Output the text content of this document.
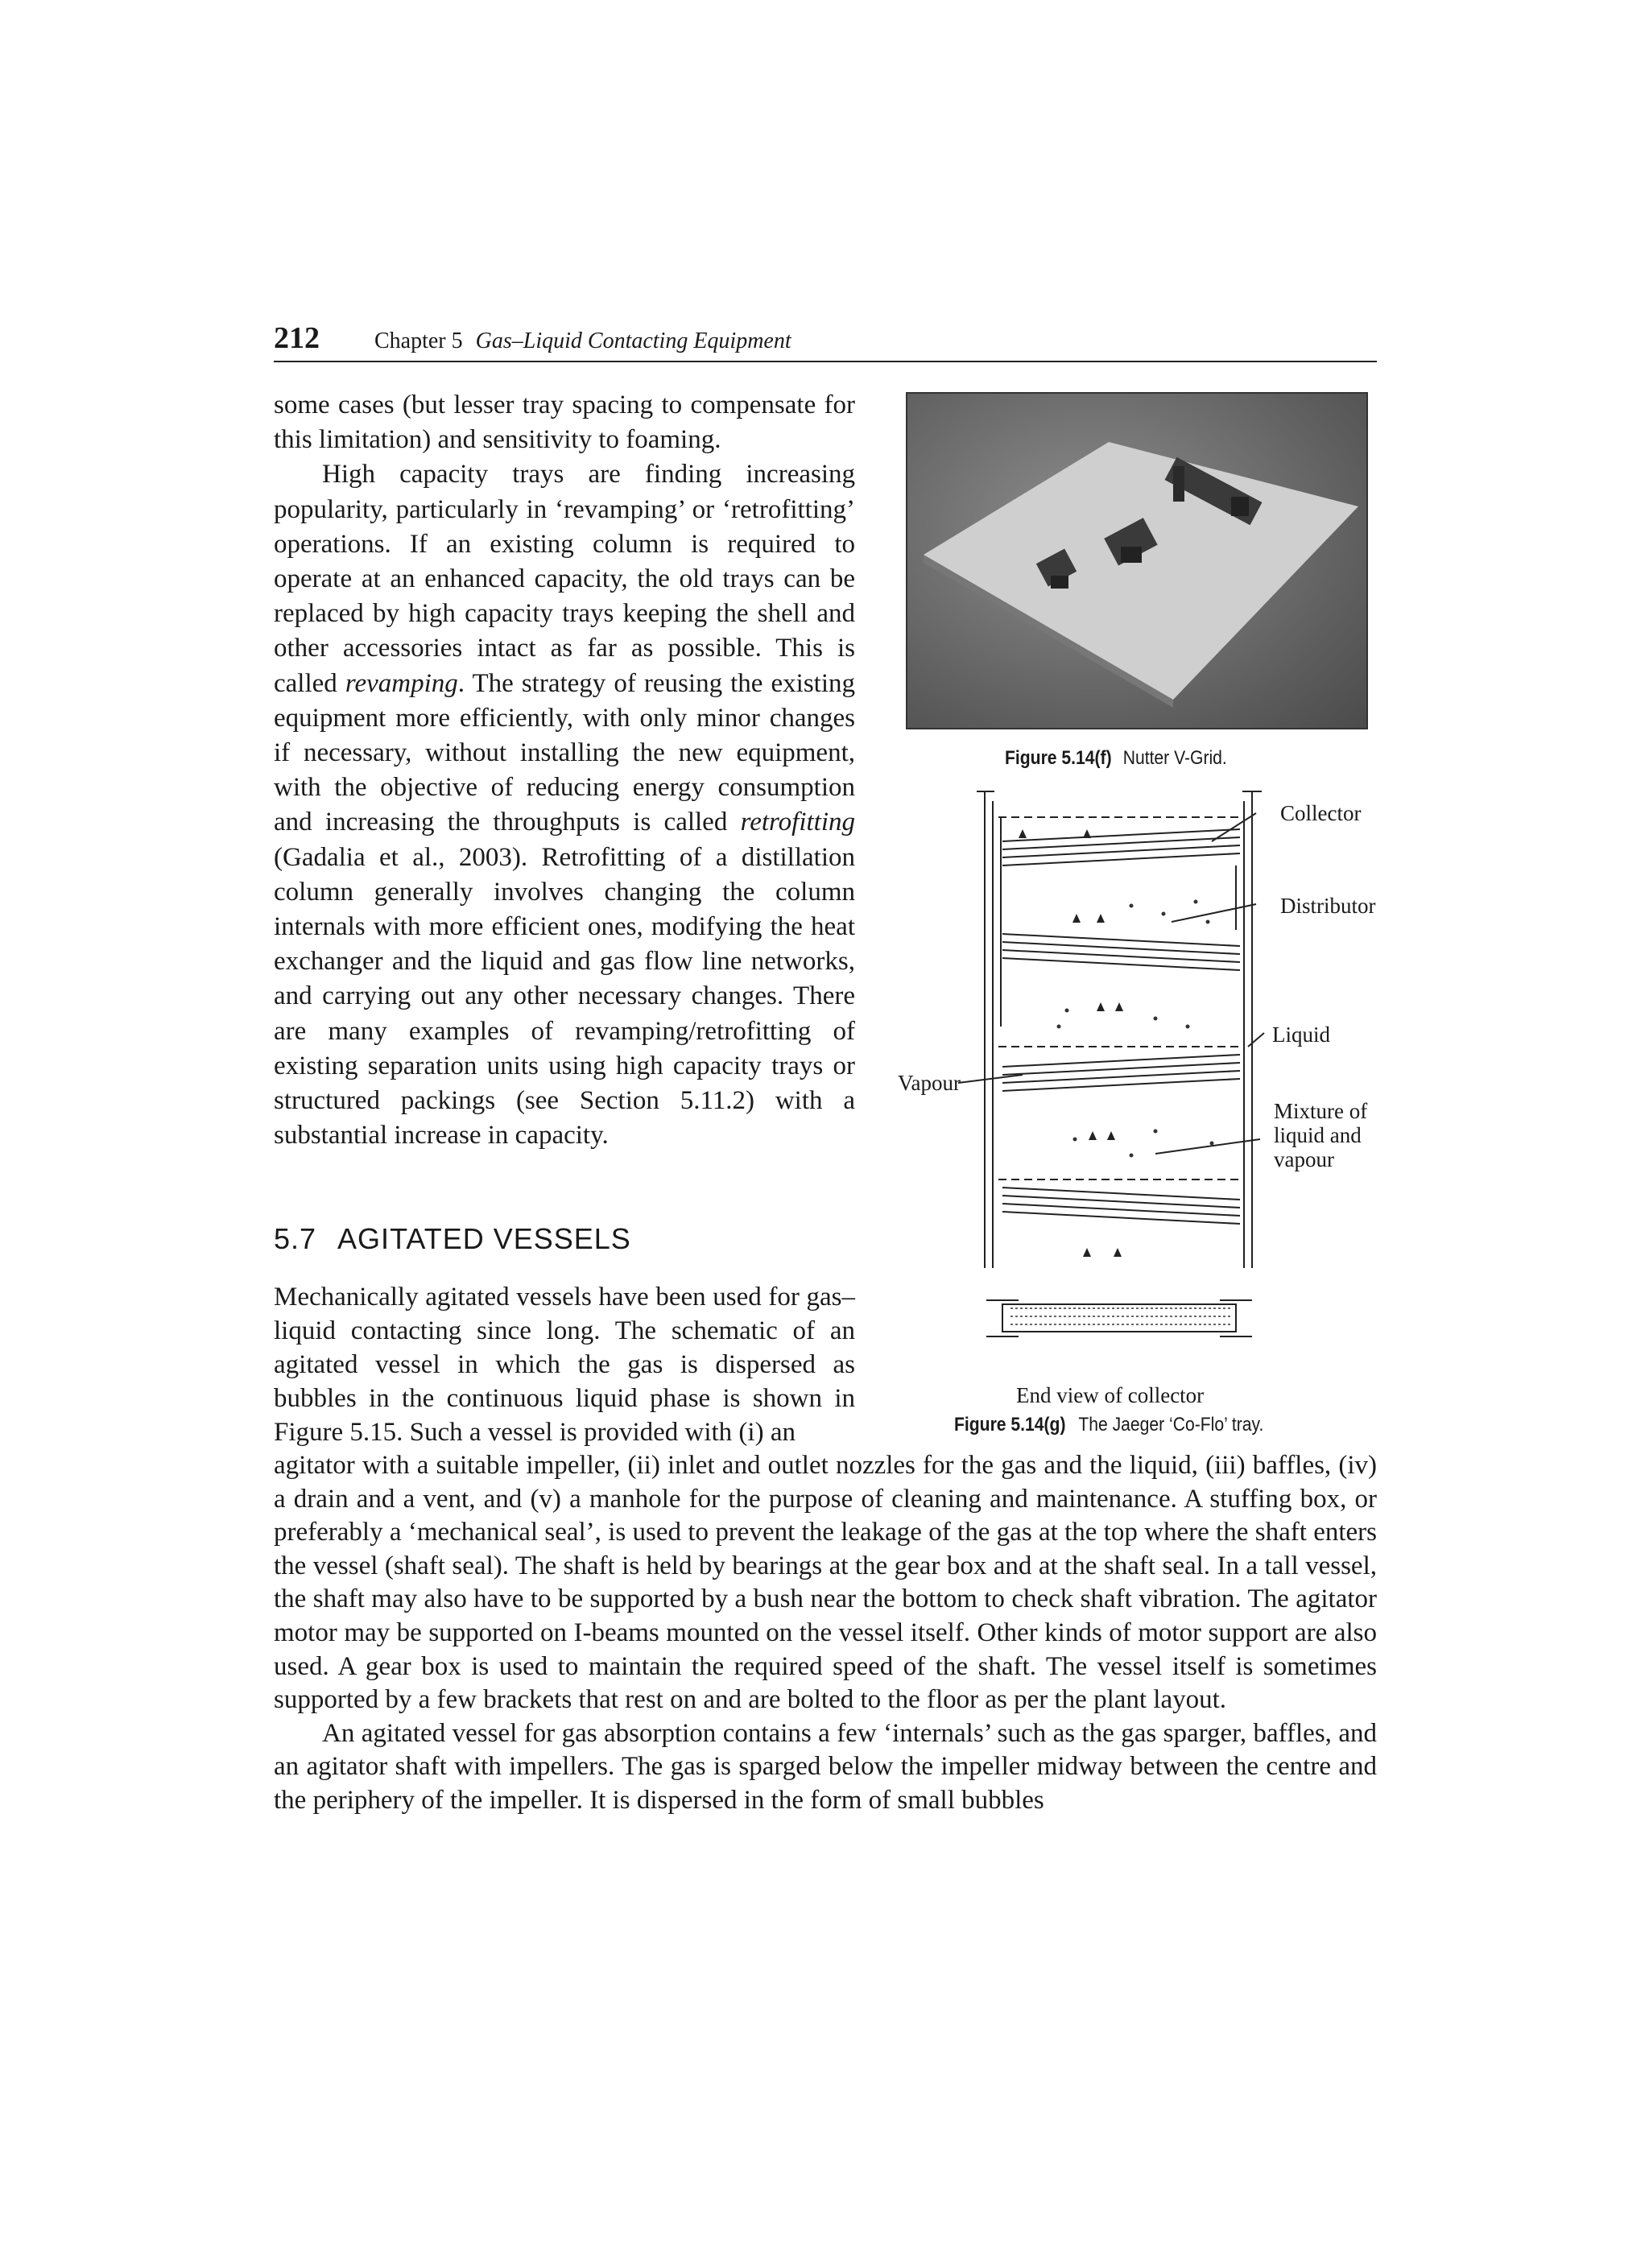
212 Chapter 5 Gas–Liquid Contacting Equipment

some cases (but lesser tray spacing to compensate for this limitation) and sensitivity to foaming.

High capacity trays are finding increasing popularity, particularly in ‘revamping’ or ‘retrofitting’ operations. If an existing column is required to operate at an enhanced capacity, the old trays can be replaced by high capacity trays keeping the shell and other accessories intact as far as possible. This is called revamping. The strategy of reusing the existing equipment more efficiently, with only minor changes if necessary, without installing the new equipment, with the objective of reducing energy consumption and increasing the throughputs is called retrofitting (Gadalia et al., 2003). Retrofitting of a distillation column generally involves changing the column internals with more efficient ones, modifying the heat exchanger and the liquid and gas flow line networks, and carrying out any other necessary changes. There are many examples of revamping/retrofitting of existing separation units using high capacity trays or structured packings (see Section 5.11.2) with a substantial increase in capacity.

5.7 AGITATED VESSELS

Mechanically agitated vessels have been used for gas–liquid contacting since long. The schematic of an agitated vessel in which the gas is dispersed as bubbles in the continuous liquid phase is shown in Figure 5.15. Such a vessel is provided with (i) an

agitator with a suitable impeller, (ii) inlet and outlet nozzles for the gas and the liquid, (iii) baffles, (iv) a drain and a vent, and (v) a manhole for the purpose of cleaning and maintenance. A stuffing box, or preferably a ‘mechanical seal’, is used to prevent the leakage of the gas at the top where the shaft enters the vessel (shaft seal). The shaft is held by bearings at the gear box and at the shaft seal. In a tall vessel, the shaft may also have to be supported by a bush near the bottom to check shaft vibration. The agitator motor may be supported on I-beams mounted on the vessel itself. Other kinds of motor support are also used. A gear box is used to maintain the required speed of the shaft. The vessel itself is sometimes supported by a few brackets that rest on and are bolted to the floor as per the plant layout.

An agitated vessel for gas absorption contains a few ‘internals’ such as the gas sparger, baffles, and an agitator shaft with impellers. The gas is sparged below the impeller midway between the centre and the periphery of the impeller. It is dispersed in the form of small bubbles

Figure 5.14(f) Nutter V-Grid.
Collector
Distributor
Liquid
Mixture of
liquid and
vapour
Vapour
End view of collector
Figure 5.14(g) The Jaeger ‘Co-Flo’ tray.
